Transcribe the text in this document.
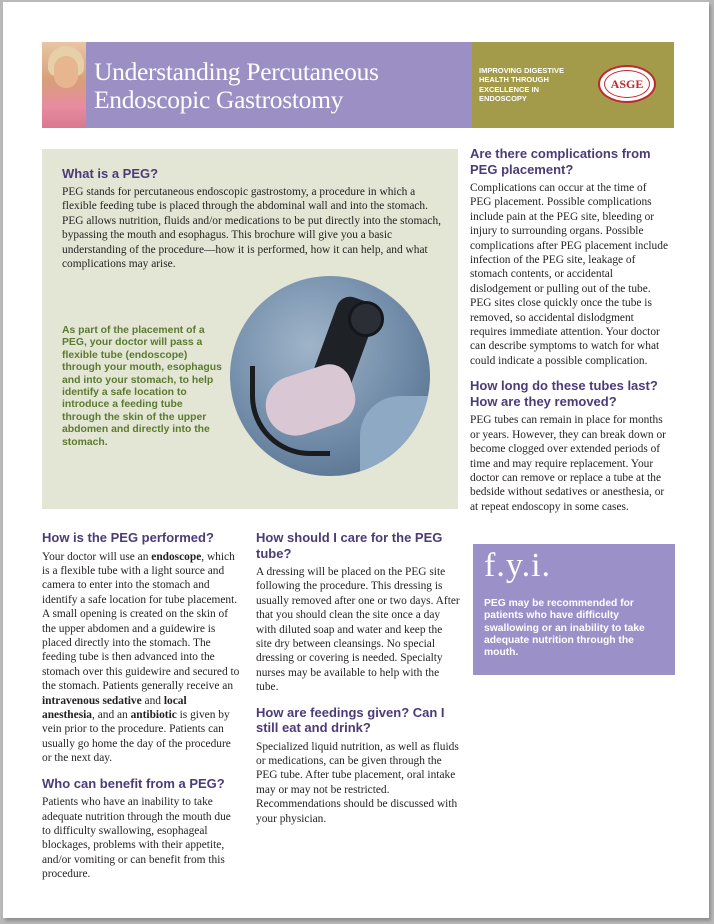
Understanding Percutaneous
Endoscopic Gastrostomy
IMPROVING DIGESTIVE
HEALTH THROUGH
EXCELLENCE IN
ENDOSCOPY
ASGE
What is a PEG?

PEG stands for percutaneous endoscopic gastrostomy, a procedure in which a flexible feeding tube is placed through the abdominal wall and into the stomach. PEG allows nutrition, fluids and/or medications to be put directly into the stomach, bypassing the mouth and esophagus. This brochure will give you a basic understanding of the procedure—how it is performed, how it can help, and what complications may arise.

As part of the placement of a PEG, your doctor will pass a flexible tube (endoscope) through your mouth, esophagus and into your stomach, to help identify a safe location to introduce a feeding tube through the skin of the upper abdomen and directly into the stomach.

How is the PEG performed?

Your doctor will use an endoscope, which is a flexible tube with a light source and camera to enter into the stomach and identify a safe location for tube placement. A small opening is created on the skin of the upper abdomen and a guidewire is placed directly into the stomach. The feeding tube is then advanced into the stomach over this guidewire and secured to the stomach. Patients generally receive an intravenous sedative and local anesthesia, and an antibiotic is given by vein prior to the procedure. Patients can usually go home the day of the procedure or the next day.

Who can benefit from a PEG?

Patients who have an inability to take adequate nutrition through the mouth due to difficulty swallowing, esophageal blockages, problems with their appetite, and/or vomiting or can benefit from this procedure.

How should I care for the PEG tube?

A dressing will be placed on the PEG site following the procedure. This dressing is usually removed after one or two days. After that you should clean the site once a day with diluted soap and water and keep the site dry between cleansings. No special dressing or covering is needed. Specialty nurses may be available to help with the tube.

How are feedings given? Can I still eat and drink?

Specialized liquid nutrition, as well as fluids or medications, can be given through the PEG tube. After tube placement, oral intake may or may not be restricted. Recommendations should be discussed with your physician.

Are there complications from PEG placement?

Complications can occur at the time of PEG placement. Possible complications include pain at the PEG site, bleeding or injury to surrounding organs. Possible complications after PEG placement include infection of the PEG site, leakage of stomach contents, or accidental dislodgement or pulling out of the tube. PEG sites close quickly once the tube is removed, so accidental dislodgment requires immediate attention. Your doctor can describe symptoms to watch for what could indicate a possible complication.

How long do these tubes last? How are they removed?

PEG tubes can remain in place for months or years. However, they can break down or become clogged over extended periods of time and may require replacement. Your doctor can remove or replace a tube at the bedside without sedatives or anesthesia, or at repeat endoscopy in some cases.

f.y.i.

PEG may be recommended for patients who have difficulty swallowing or an inability to take adequate nutrition through the mouth.
